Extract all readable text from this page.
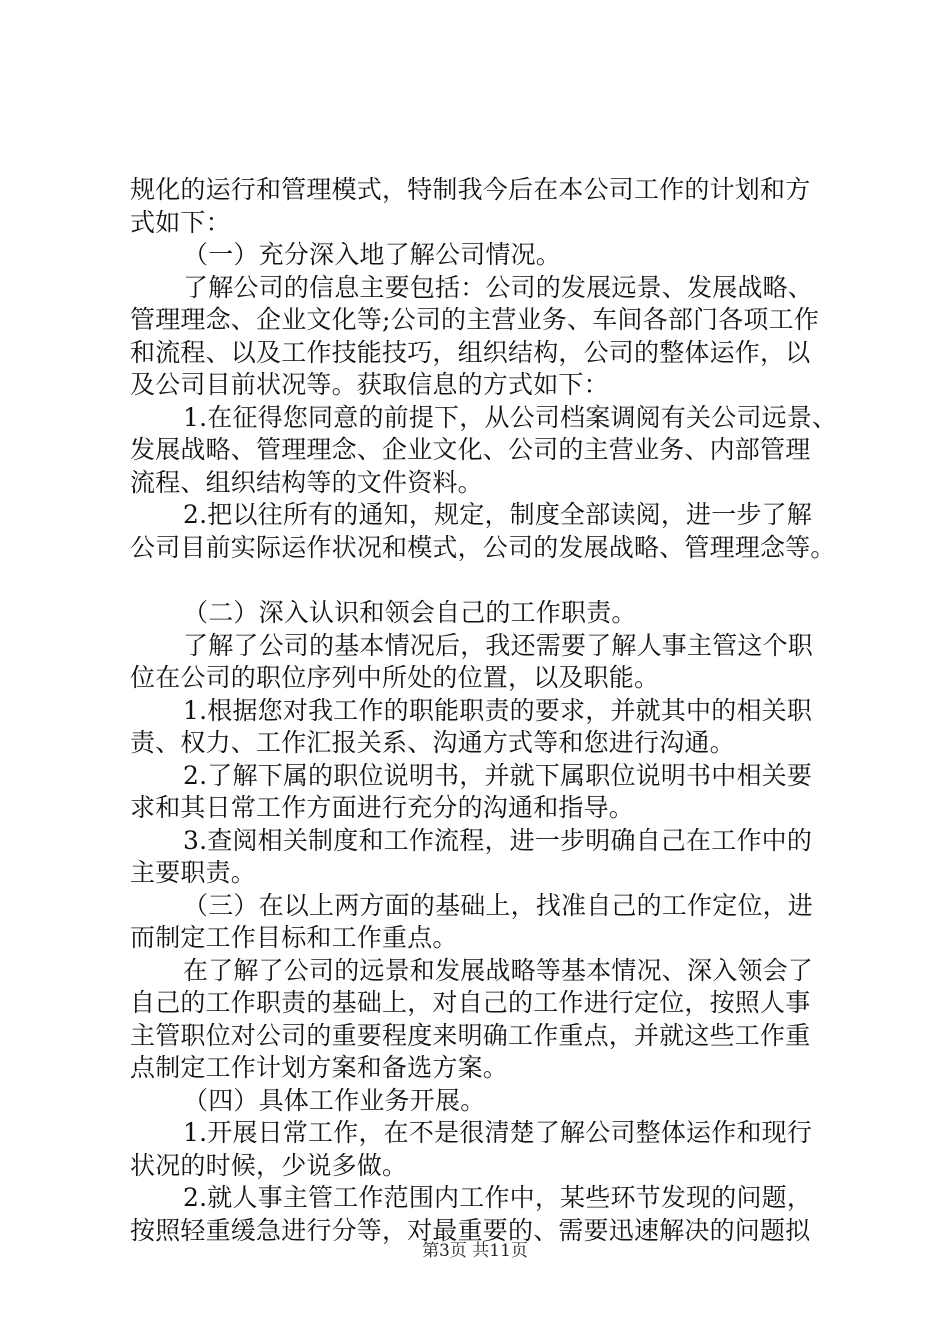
规化的运行和管理模式，特制我今后在本公司工作的计划和方
式如下：
（一）充分深入地了解公司情况。
了解公司的信息主要包括：公司的发展远景、发展战略、
管理理念、企业文化等;公司的主营业务、车间各部门各项工作
和流程、以及工作技能技巧，组织结构，公司的整体运作，以
及公司目前状况等。获取信息的方式如下：
1.在征得您同意的前提下，从公司档案调阅有关公司远景、
发展战略、管理理念、企业文化、公司的主营业务、内部管理
流程、组织结构等的文件资料。
2.把以往所有的通知，规定，制度全部读阅，进一步了解
公司目前实际运作状况和模式，公司的发展战略、管理理念等。
（二）深入认识和领会自己的工作职责。
了解了公司的基本情况后，我还需要了解人事主管这个职
位在公司的职位序列中所处的位置，以及职能。
1.根据您对我工作的职能职责的要求，并就其中的相关职
责、权力、工作汇报关系、沟通方式等和您进行沟通。
2.了解下属的职位说明书，并就下属职位说明书中相关要
求和其日常工作方面进行充分的沟通和指导。
3.查阅相关制度和工作流程，进一步明确自己在工作中的
主要职责。
（三）在以上两方面的基础上，找准自己的工作定位，进
而制定工作目标和工作重点。
在了解了公司的远景和发展战略等基本情况、深入领会了
自己的工作职责的基础上，对自己的工作进行定位，按照人事
主管职位对公司的重要程度来明确工作重点，并就这些工作重
点制定工作计划方案和备选方案。
（四）具体工作业务开展。
1.开展日常工作，在不是很清楚了解公司整体运作和现行
状况的时候，少说多做。
2.就人事主管工作范围内工作中，某些环节发现的问题，
按照轻重缓急进行分等，对最重要的、需要迅速解决的问题拟
第3页 共11页
